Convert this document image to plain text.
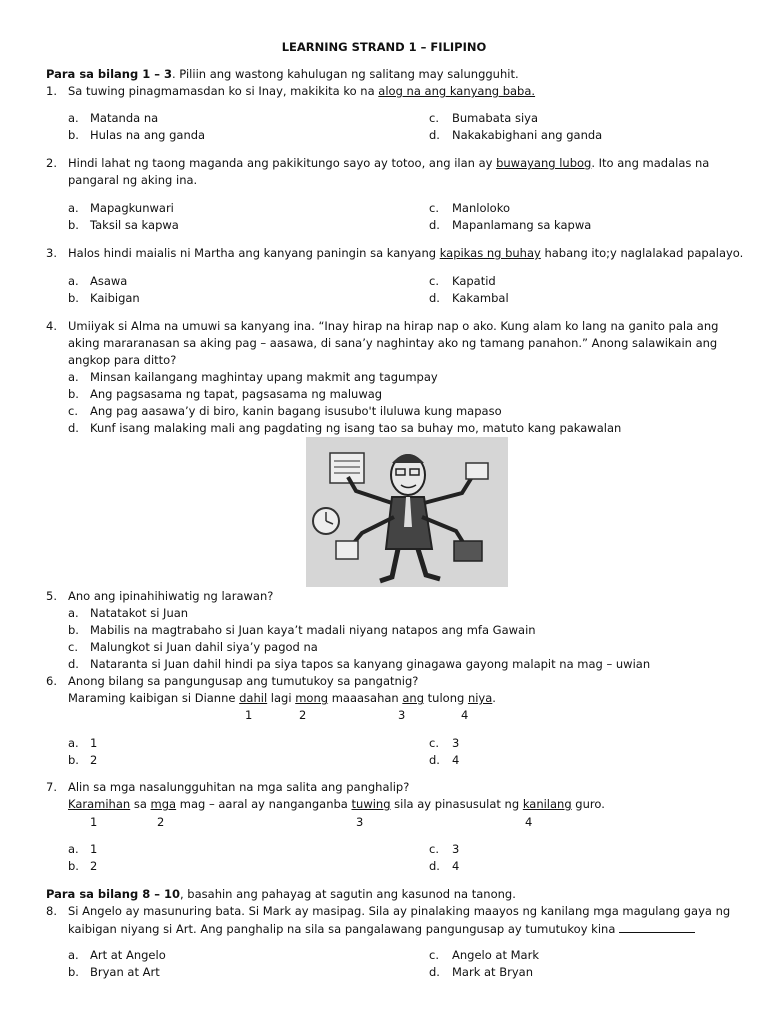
LEARNING STRAND 1 – FILIPINO
Para sa bilang 1 – 3. Piliin ang wastong kahulugan ng salitang may salungguhit.
1. Sa tuwing pinagmamasdan ko si Inay, makikita ko na alog na ang kanyang baba.
a. Matanda na
b. Hulas na ang ganda
c. Bumabata siya
d. Nakakabighani ang ganda
2. Hindi lahat ng taong maganda ang pakikitungo sayo ay totoo, ang ilan ay buwayang lubog. Ito ang madalas na
pangaral ng aking ina.
a. Mapagkunwari
b. Taksil sa kapwa
c. Manloloko
d. Mapanlamang sa kapwa
3. Halos hindi maialis ni Martha ang kanyang paningin sa kanyang kapikas ng buhay habang ito;y naglalakad papalayo.
a. Asawa
b. Kaibigan
c. Kapatid
d. Kakambal
4. Umiiyak si Alma na umuwi sa kanyang ina. “Inay hirap na hirap nap o ako. Kung alam ko lang na ganito pala ang
aking mararanasan sa aking pag – aasawa, di sana’y naghintay ako ng tamang panahon.” Anong salawikain ang
angkop para ditto?
a. Minsan kailangang maghintay upang makmit ang tagumpay
b. Ang pagsasama ng tapat, pagsasama ng maluwag
c. Ang pag aasawa’y di biro, kanin bagang isusubo't iluluwa kung mapaso
d. Kunf isang malaking mali ang pagdating ng isang tao sa buhay mo, matuto kang pakawalan
5. Ano ang ipinahihiwatig ng larawan?
a. Natatakot si Juan
b. Mabilis na magtrabaho si Juan kaya’t madali niyang natapos ang mfa Gawain
c. Malungkot si Juan dahil siya’y pagod na
d. Nataranta si Juan dahil hindi pa siya tapos sa kanyang ginagawa gayong malapit na mag – uwian
6. Anong bilang sa pangungusap ang tumutukoy sa pangatnig?
Maraming kaibigan si Dianne dahil lagi mong maaasahan ang tulong niya.
1	2	3	4
a. 1
b. 2
c. 3
d. 4
7. Alin sa mga nasalungguhitan na mga salita ang panghalip?
Karamihan sa mga mag – aaral ay nanganganba tuwing sila ay pinasusulat ng kanilang guro.
1	2	3	4
a. 1
b. 2
c. 3
d. 4
Para sa bilang 8 – 10, basahin ang pahayag at sagutin ang kasunod na tanong.
8. Si Angelo ay masunuring bata. Si Mark ay masipag. Sila ay pinalaking maayos ng kanilang mga magulang gaya ng
kaibigan niyang si Art. Ang panghalip na sila sa pangalawang pangungusap ay tumutukoy kina
a. Art at Angelo
b. Bryan at Art
c. Angelo at Mark
d. Mark at Bryan
